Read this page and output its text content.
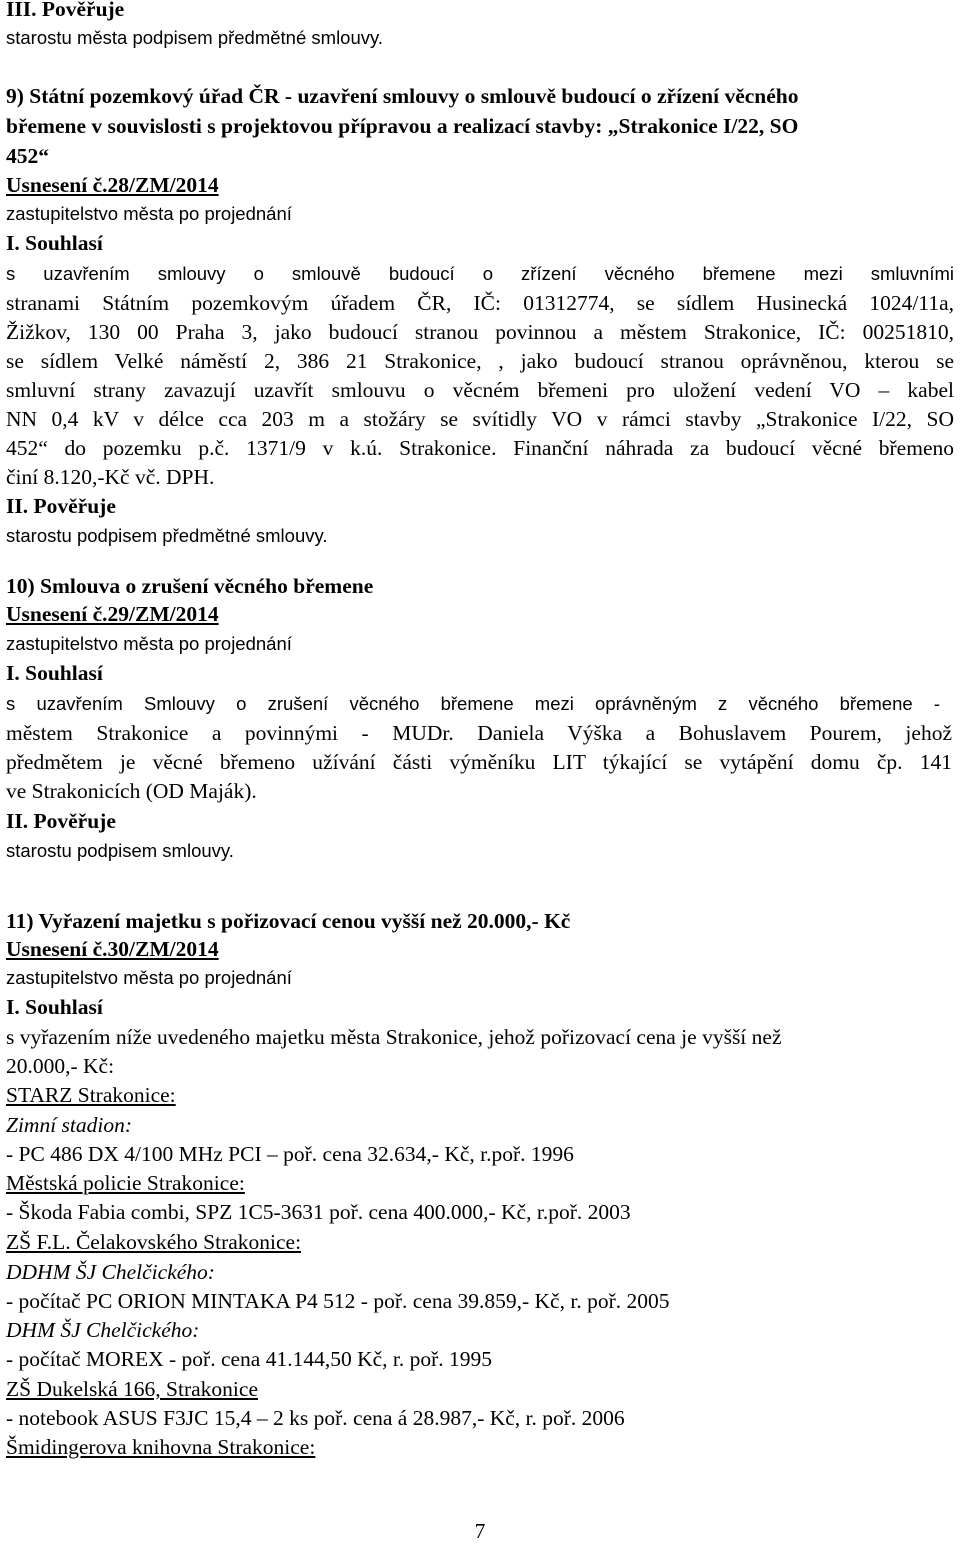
III. Pověřuje
starostu města podpisem předmětné smlouvy.
9) Státní pozemkový úřad ČR - uzavření smlouvy o smlouvě budoucí o zřízení věcného
břemene v souvislosti s projektovou přípravou a realizací stavby: „Strakonice I/22, SO
452“
Usnesení č.28/ZM/2014
zastupitelstvo města po projednání
I. Souhlasí
s uzavřením smlouvy o smlouvě budoucí o zřízení věcného břemene mezi smluvními
stranami Státním pozemkovým úřadem ČR, IČ: 01312774, se sídlem Husinecká 1024/11a,
Žižkov, 130 00 Praha 3, jako budoucí stranou povinnou a městem Strakonice, IČ: 00251810,
se sídlem Velké náměstí 2, 386 21 Strakonice, , jako budoucí stranou oprávněnou, kterou se
smluvní strany zavazují uzavřít smlouvu o věcném břemeni pro uložení vedení VO – kabel
NN 0,4 kV v délce cca 203 m a stožáry se svítidly VO v rámci stavby „Strakonice I/22, SO
452“ do pozemku p.č. 1371/9 v k.ú. Strakonice. Finanční náhrada za budoucí věcné břemeno
činí 8.120,-Kč vč. DPH.
II. Pověřuje
starostu podpisem předmětné smlouvy.
10) Smlouva o zrušení věcného břemene
Usnesení č.29/ZM/2014
zastupitelstvo města po projednání
I. Souhlasí
s uzavřením Smlouvy o zrušení věcného břemene mezi oprávněným z věcného břemene -
městem Strakonice a povinnými - MUDr. Daniela Výška a Bohuslavem Pourem, jehož
předmětem je věcné břemeno užívání části výměníku LIT týkající se vytápění domu čp. 141
ve Strakonicích (OD Maják).
II. Pověřuje
starostu podpisem smlouvy.
11) Vyřazení majetku s pořizovací cenou vyšší než 20.000,- Kč
Usnesení č.30/ZM/2014
zastupitelstvo města po projednání
I. Souhlasí
s vyřazením níže uvedeného majetku města Strakonice, jehož pořizovací cena je vyšší než
20.000,- Kč:
STARZ Strakonice:
Zimní stadion:
- PC 486 DX 4/100 MHz PCI – poř. cena 32.634,- Kč, r.poř. 1996
Městská policie Strakonice:
- Škoda Fabia combi, SPZ 1C5-3631 poř. cena 400.000,- Kč, r.poř. 2003
ZŠ F.L. Čelakovského Strakonice:
DDHM ŠJ Chelčického:
- počítač PC ORION MINTAKA P4 512 - poř. cena 39.859,- Kč, r. poř. 2005
DHM ŠJ Chelčického:
- počítač MOREX - poř. cena 41.144,50 Kč, r. poř. 1995
ZŠ Dukelská 166, Strakonice
- notebook ASUS F3JC 15,4 – 2 ks poř. cena á 28.987,- Kč, r. poř. 2006
Šmidingerova knihovna Strakonice:
7
